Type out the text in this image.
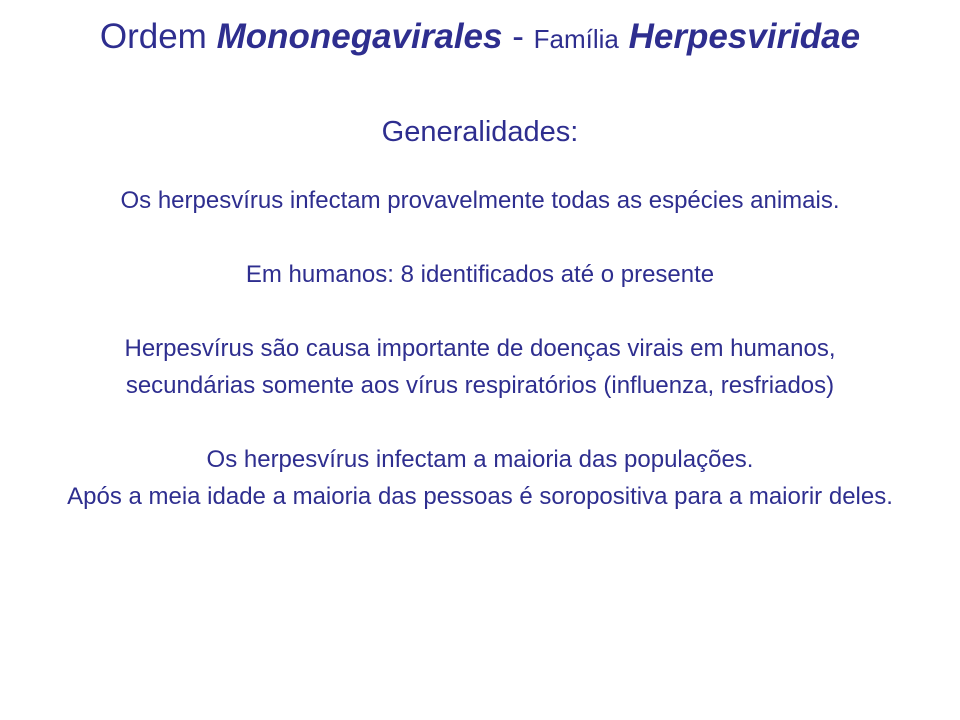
Ordem Mononegavirales - Família Herpesviridae
Generalidades:

Os herpesvírus infectam provavelmente todas as espécies animais.

Em humanos: 8 identificados até o presente

Herpesvírus são causa importante de doenças virais em humanos, secundárias somente aos vírus respiratórios (influenza, resfriados)

Os herpesvírus infectam a maioria das populações.
Após a meia idade a maioria das pessoas é soropositiva para a maiorir deles.
